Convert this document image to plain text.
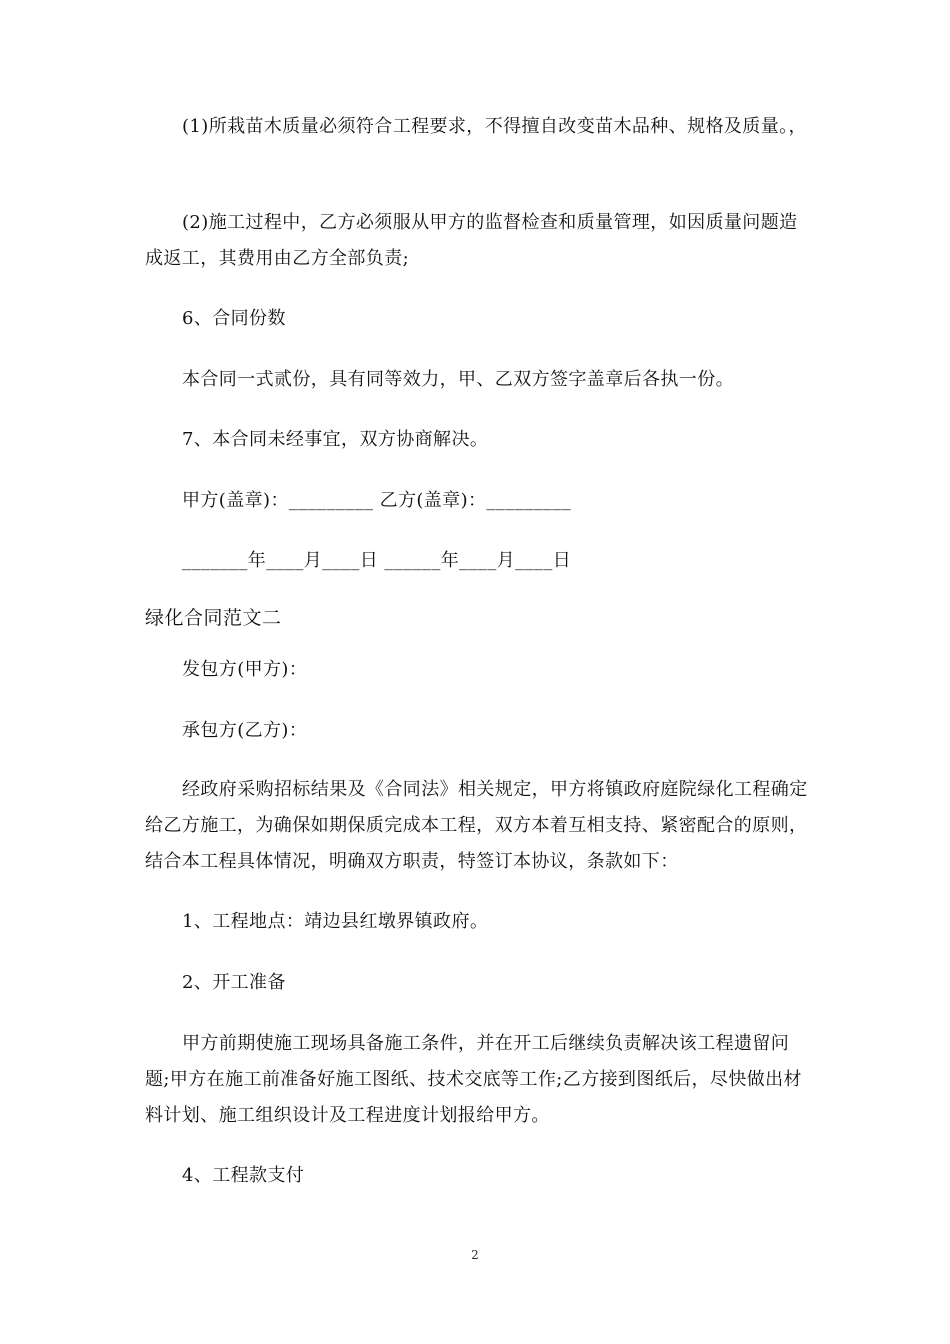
(1)所栽苗木质量必须符合工程要求，不得擅自改变苗木品种、规格及质量。，

(2)施工过程中，乙方必须服从甲方的监督检查和质量管理，如因质量问题造成返工，其费用由乙方全部负责;

6、合同份数

本合同一式贰份，具有同等效力，甲、乙双方签字盖章后各执一份。

7、本合同未经事宜，双方协商解决。

甲方(盖章)：_________ 乙方(盖章)：_________

_______年____月____日 ______年____月____日

绿化合同范文二

发包方(甲方)：

承包方(乙方)：

经政府采购招标结果及《合同法》相关规定，甲方将镇政府庭院绿化工程确定给乙方施工，为确保如期保质完成本工程，双方本着互相支持、紧密配合的原则，结合本工程具体情况，明确双方职责，特签订本协议，条款如下：

1、工程地点：靖边县红墩界镇政府。

2、开工准备

甲方前期使施工现场具备施工条件，并在开工后继续负责解决该工程遗留问题;甲方在施工前准备好施工图纸、技术交底等工作;乙方接到图纸后，尽快做出材料计划、施工组织设计及工程进度计划报给甲方。

4、工程款支付

2
